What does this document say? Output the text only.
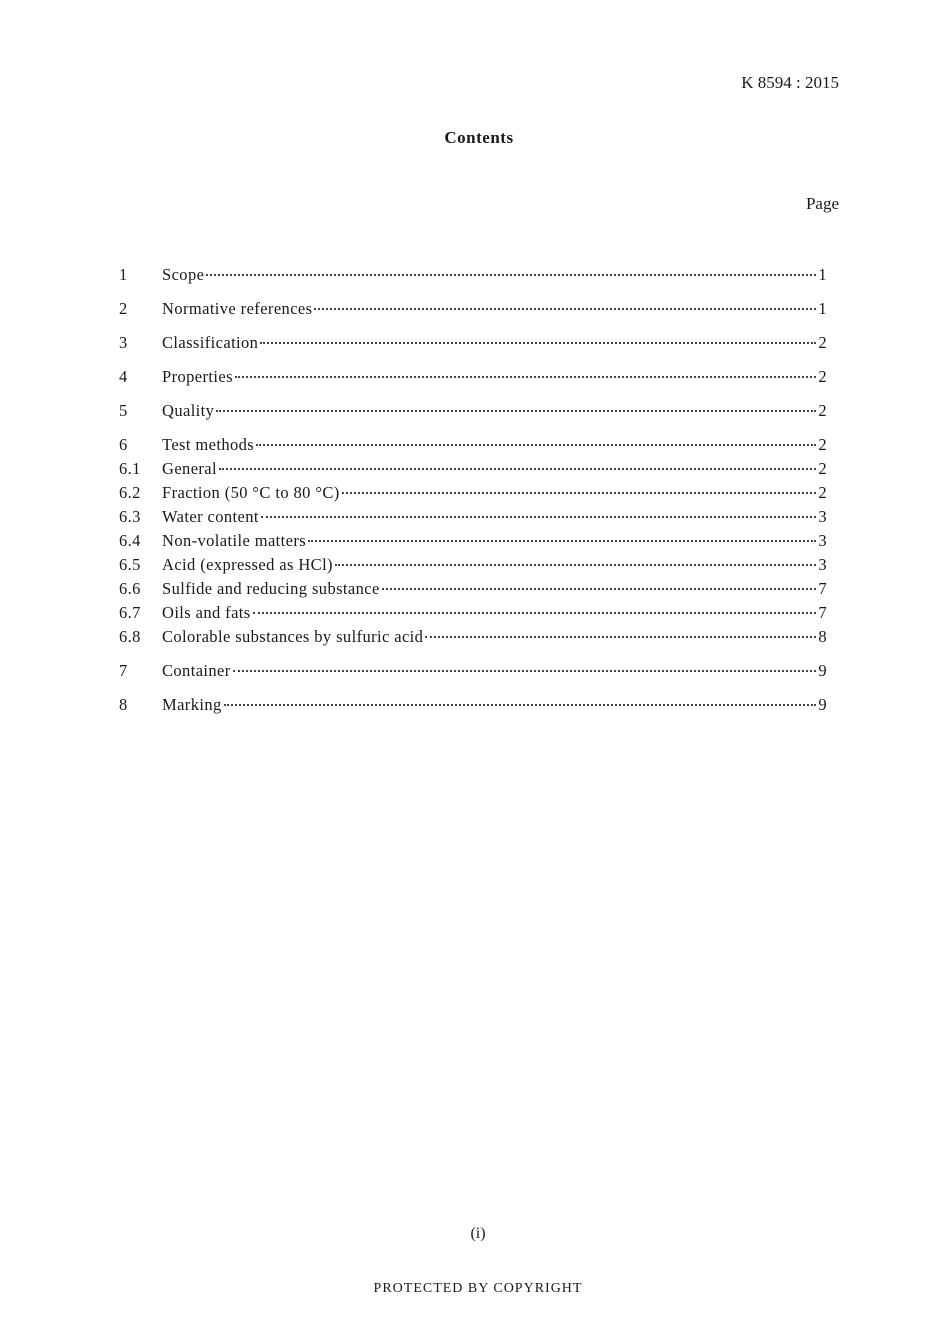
K 8594 : 2015
Contents
Page
1	Scope	1
2	Normative references	1
3	Classification	2
4	Properties	2
5	Quality	2
6	Test methods	2
6.1	General	2
6.2	Fraction (50 °C to 80 °C)	2
6.3	Water content	3
6.4	Non-volatile matters	3
6.5	Acid (expressed as HCl)	3
6.6	Sulfide and reducing substance	7
6.7	Oils and fats	7
6.8	Colorable substances by sulfuric acid	8
7	Container	9
8	Marking	9
(i)
PROTECTED BY COPYRIGHT
